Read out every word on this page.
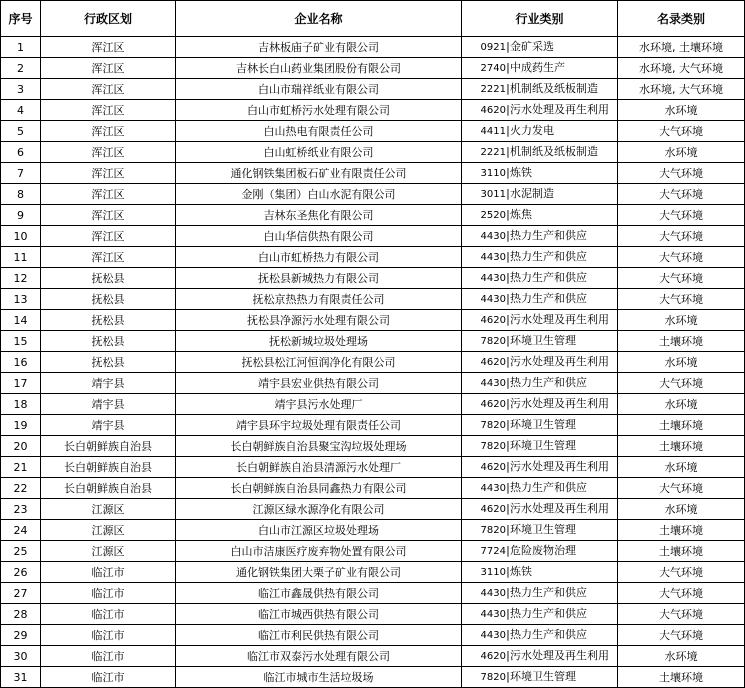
序号	行政区划	企业名称	行业类别	名录类别
1	浑江区	吉林板庙子矿业有限公司	0921|金矿采选	水环境, 土壤环境
2	浑江区	吉林长白山药业集团股份有限公司	2740|中成药生产	水环境, 大气环境
3	浑江区	白山市瑞祥纸业有限公司	2221|机制纸及纸板制造	水环境, 大气环境
4	浑江区	白山市虹桥污水处理有限公司	4620|污水处理及再生利用	水环境
5	浑江区	白山热电有限责任公司	4411|火力发电	大气环境
6	浑江区	白山虹桥纸业有限公司	2221|机制纸及纸板制造	水环境
7	浑江区	通化钢铁集团板石矿业有限责任公司	3110|炼铁	大气环境
8	浑江区	金刚（集团）白山水泥有限公司	3011|水泥制造	大气环境
9	浑江区	吉林东圣焦化有限公司	2520|炼焦	大气环境
10	浑江区	白山华信供热有限公司	4430|热力生产和供应	大气环境
11	浑江区	白山市虹桥热力有限公司	4430|热力生产和供应	大气环境
12	抚松县	抚松县新城热力有限公司	4430|热力生产和供应	大气环境
13	抚松县	抚松京热热力有限责任公司	4430|热力生产和供应	大气环境
14	抚松县	抚松县净源污水处理有限公司	4620|污水处理及再生利用	水环境
15	抚松县	抚松新城垃圾处理场	7820|环境卫生管理	土壤环境
16	抚松县	抚松县松江河恒润净化有限公司	4620|污水处理及再生利用	水环境
17	靖宇县	靖宇县宏业供热有限公司	4430|热力生产和供应	大气环境
18	靖宇县	靖宇县污水处理厂	4620|污水处理及再生利用	水环境
19	靖宇县	靖宇县环宇垃圾处理有限责任公司	7820|环境卫生管理	土壤环境
20	长白朝鲜族自治县	长白朝鲜族自治县聚宝沟垃圾处理场	7820|环境卫生管理	土壤环境
21	长白朝鲜族自治县	长白朝鲜族自治县清源污水处理厂	4620|污水处理及再生利用	水环境
22	长白朝鲜族自治县	长白朝鲜族自治县同鑫热力有限公司	4430|热力生产和供应	大气环境
23	江源区	江源区绿水源净化有限公司	4620|污水处理及再生利用	水环境
24	江源区	白山市江源区垃圾处理场	7820|环境卫生管理	土壤环境
25	江源区	白山市洁康医疗废弃物处置有限公司	7724|危险废物治理	土壤环境
26	临江市	通化钢铁集团大栗子矿业有限公司	3110|炼铁	大气环境
27	临江市	临江市鑫晟供热有限公司	4430|热力生产和供应	大气环境
28	临江市	临江市城西供热有限公司	4430|热力生产和供应	大气环境
29	临江市	临江市利民供热有限公司	4430|热力生产和供应	大气环境
30	临江市	临江市双泰污水处理有限公司	4620|污水处理及再生利用	水环境
31	临江市	临江市城市生活垃圾场	7820|环境卫生管理	土壤环境
